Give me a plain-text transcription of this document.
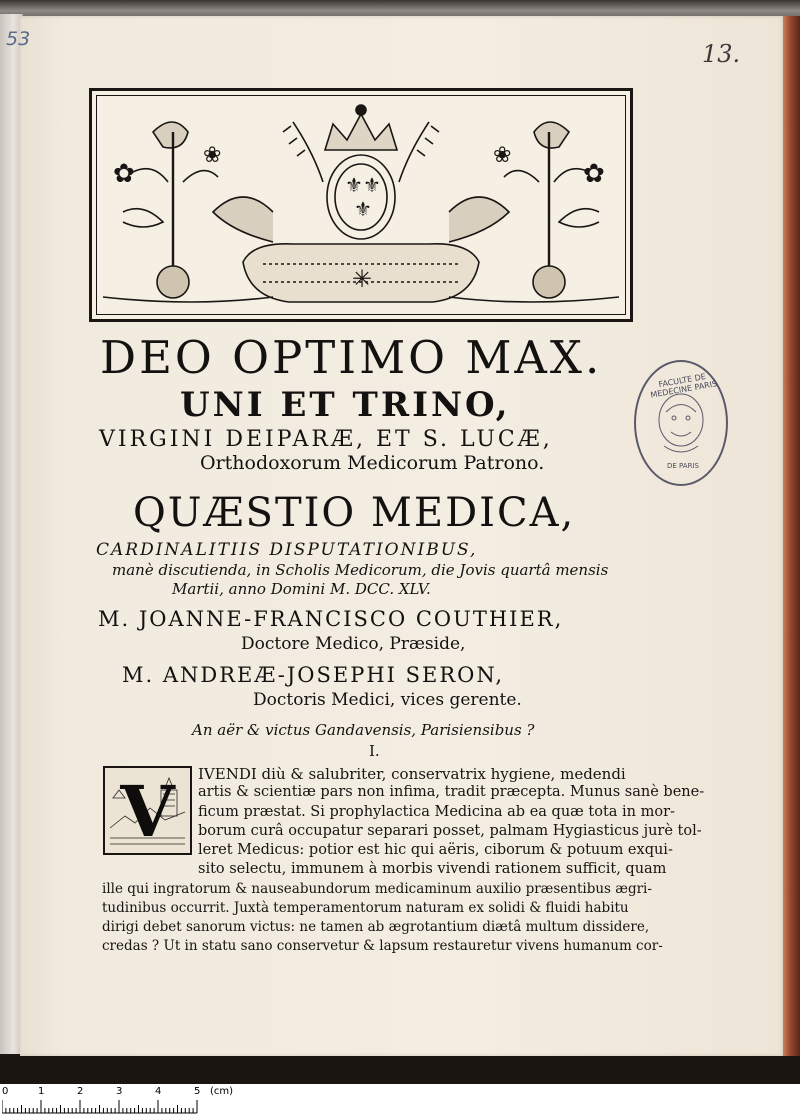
53
13.
⚜ ⚜
⚜
✳
✿
❀
✿
❀
FACULTE DE MEDECINE PARIS
DE PARIS
DEO OPTIMO MAX.
UNI ET TRINO,
VIRGINI DEIPARÆ, ET S. LUCÆ,
Orthodoxorum Medicorum Patrono.
QUÆSTIO MEDICA,
CARDINALITIIS DISPUTATIONIBUS,
manè discutienda, in Scholis Medicorum, die Jovis quartâ mensis
Martii, anno Domini M. DCC. XLV.
M. JOANNE-FRANCISCO COUTHIER,
Doctore Medico, Præside,
M. ANDREÆ-JOSEPHI SERON,
Doctoris Medici, vices gerente.
An aër & victus Gandavensis, Parisiensibus ?
I.
V	IVENDI diù & salubriter, conservatrix hygiene, medendi
artis & scientiæ pars non infima, tradit præcepta. Munus sanè bene-
ficum præstat. Si prophylactica Medicina ab ea quæ tota in mor-
borum curâ occupatur separari posset, palmam Hygiasticus jurè tol-
leret Medicus: potior est hic qui aëris, ciborum & potuum exqui-
sito selectu, immunem à morbis vivendi rationem sufficit, quam
ille qui ingratorum & nauseabundorum medicaminum auxilio præsentibus ægri-
tudinibus occurrit. Juxtà temperamentorum naturam ex solidi & fluidi habitu
dirigi debet sanorum victus: ne tamen ab ægrotantium diætâ multum dissidere,
credas ? Ut in statu sano conservetur & lapsum restauretur vivens humanum cor-
0	1	2	3	4	5 (cm)
